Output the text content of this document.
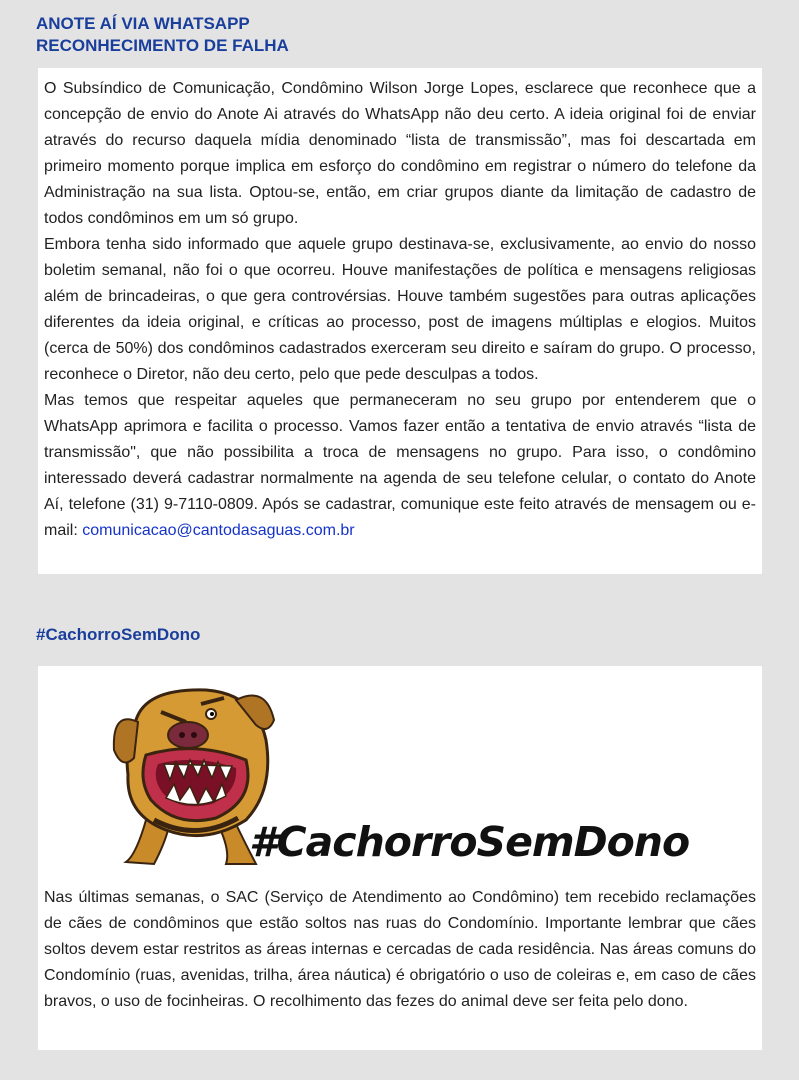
ANOTE AÍ VIA WHATSAPP
RECONHECIMENTO DE FALHA

O Subsíndico de Comunicação, Condômino Wilson Jorge Lopes, esclarece que reconhece que a concepção de envio do Anote Ai através do WhatsApp não deu certo. A ideia original foi de enviar através do recurso daquela mídia denominado “lista de transmissão”, mas foi descartada em primeiro momento porque implica em esforço do condômino em registrar o número do telefone da Administração na sua lista. Optou-se, então, em criar grupos diante da limitação de cadastro de todos condôminos em um só grupo.

Embora tenha sido informado que aquele grupo destinava-se, exclusivamente, ao envio do nosso boletim semanal, não foi o que ocorreu. Houve manifestações de política e mensagens religiosas além de brincadeiras, o que gera controvérsias. Houve também sugestões para outras aplicações diferentes da ideia original, e críticas ao processo, post de imagens múltiplas e elogios. Muitos (cerca de 50%) dos condôminos cadastrados exerceram seu direito e saíram do grupo. O processo, reconhece o Diretor, não deu certo, pelo que pede desculpas a todos.

Mas temos que respeitar aqueles que permaneceram no seu grupo por entenderem que o WhatsApp aprimora e facilita o processo. Vamos fazer então a tentativa de envio através “lista de transmissão", que não possibilita a troca de mensagens no grupo. Para isso, o condômino interessado deverá cadastrar normalmente na agenda de seu telefone celular, o contato do Anote Aí, telefone (31) 9-7110-0809. Após se cadastrar, comunique este feito através de mensagem ou e-mail: comunicacao@cantodasaguas.com.br

#CachorroSemDono
#CachorroSemDono

Nas últimas semanas, o SAC (Serviço de Atendimento ao Condômino) tem recebido reclamações de cães de condôminos que estão soltos nas ruas do Condomínio. Importante lembrar que cães soltos devem estar restritos as áreas internas e cercadas de cada residência. Nas áreas comuns do Condomínio (ruas, avenidas, trilha, área náutica) é obrigatório o uso de coleiras e, em caso de cães bravos, o uso de focinheiras. O recolhimento das fezes do animal deve ser feita pelo dono.
